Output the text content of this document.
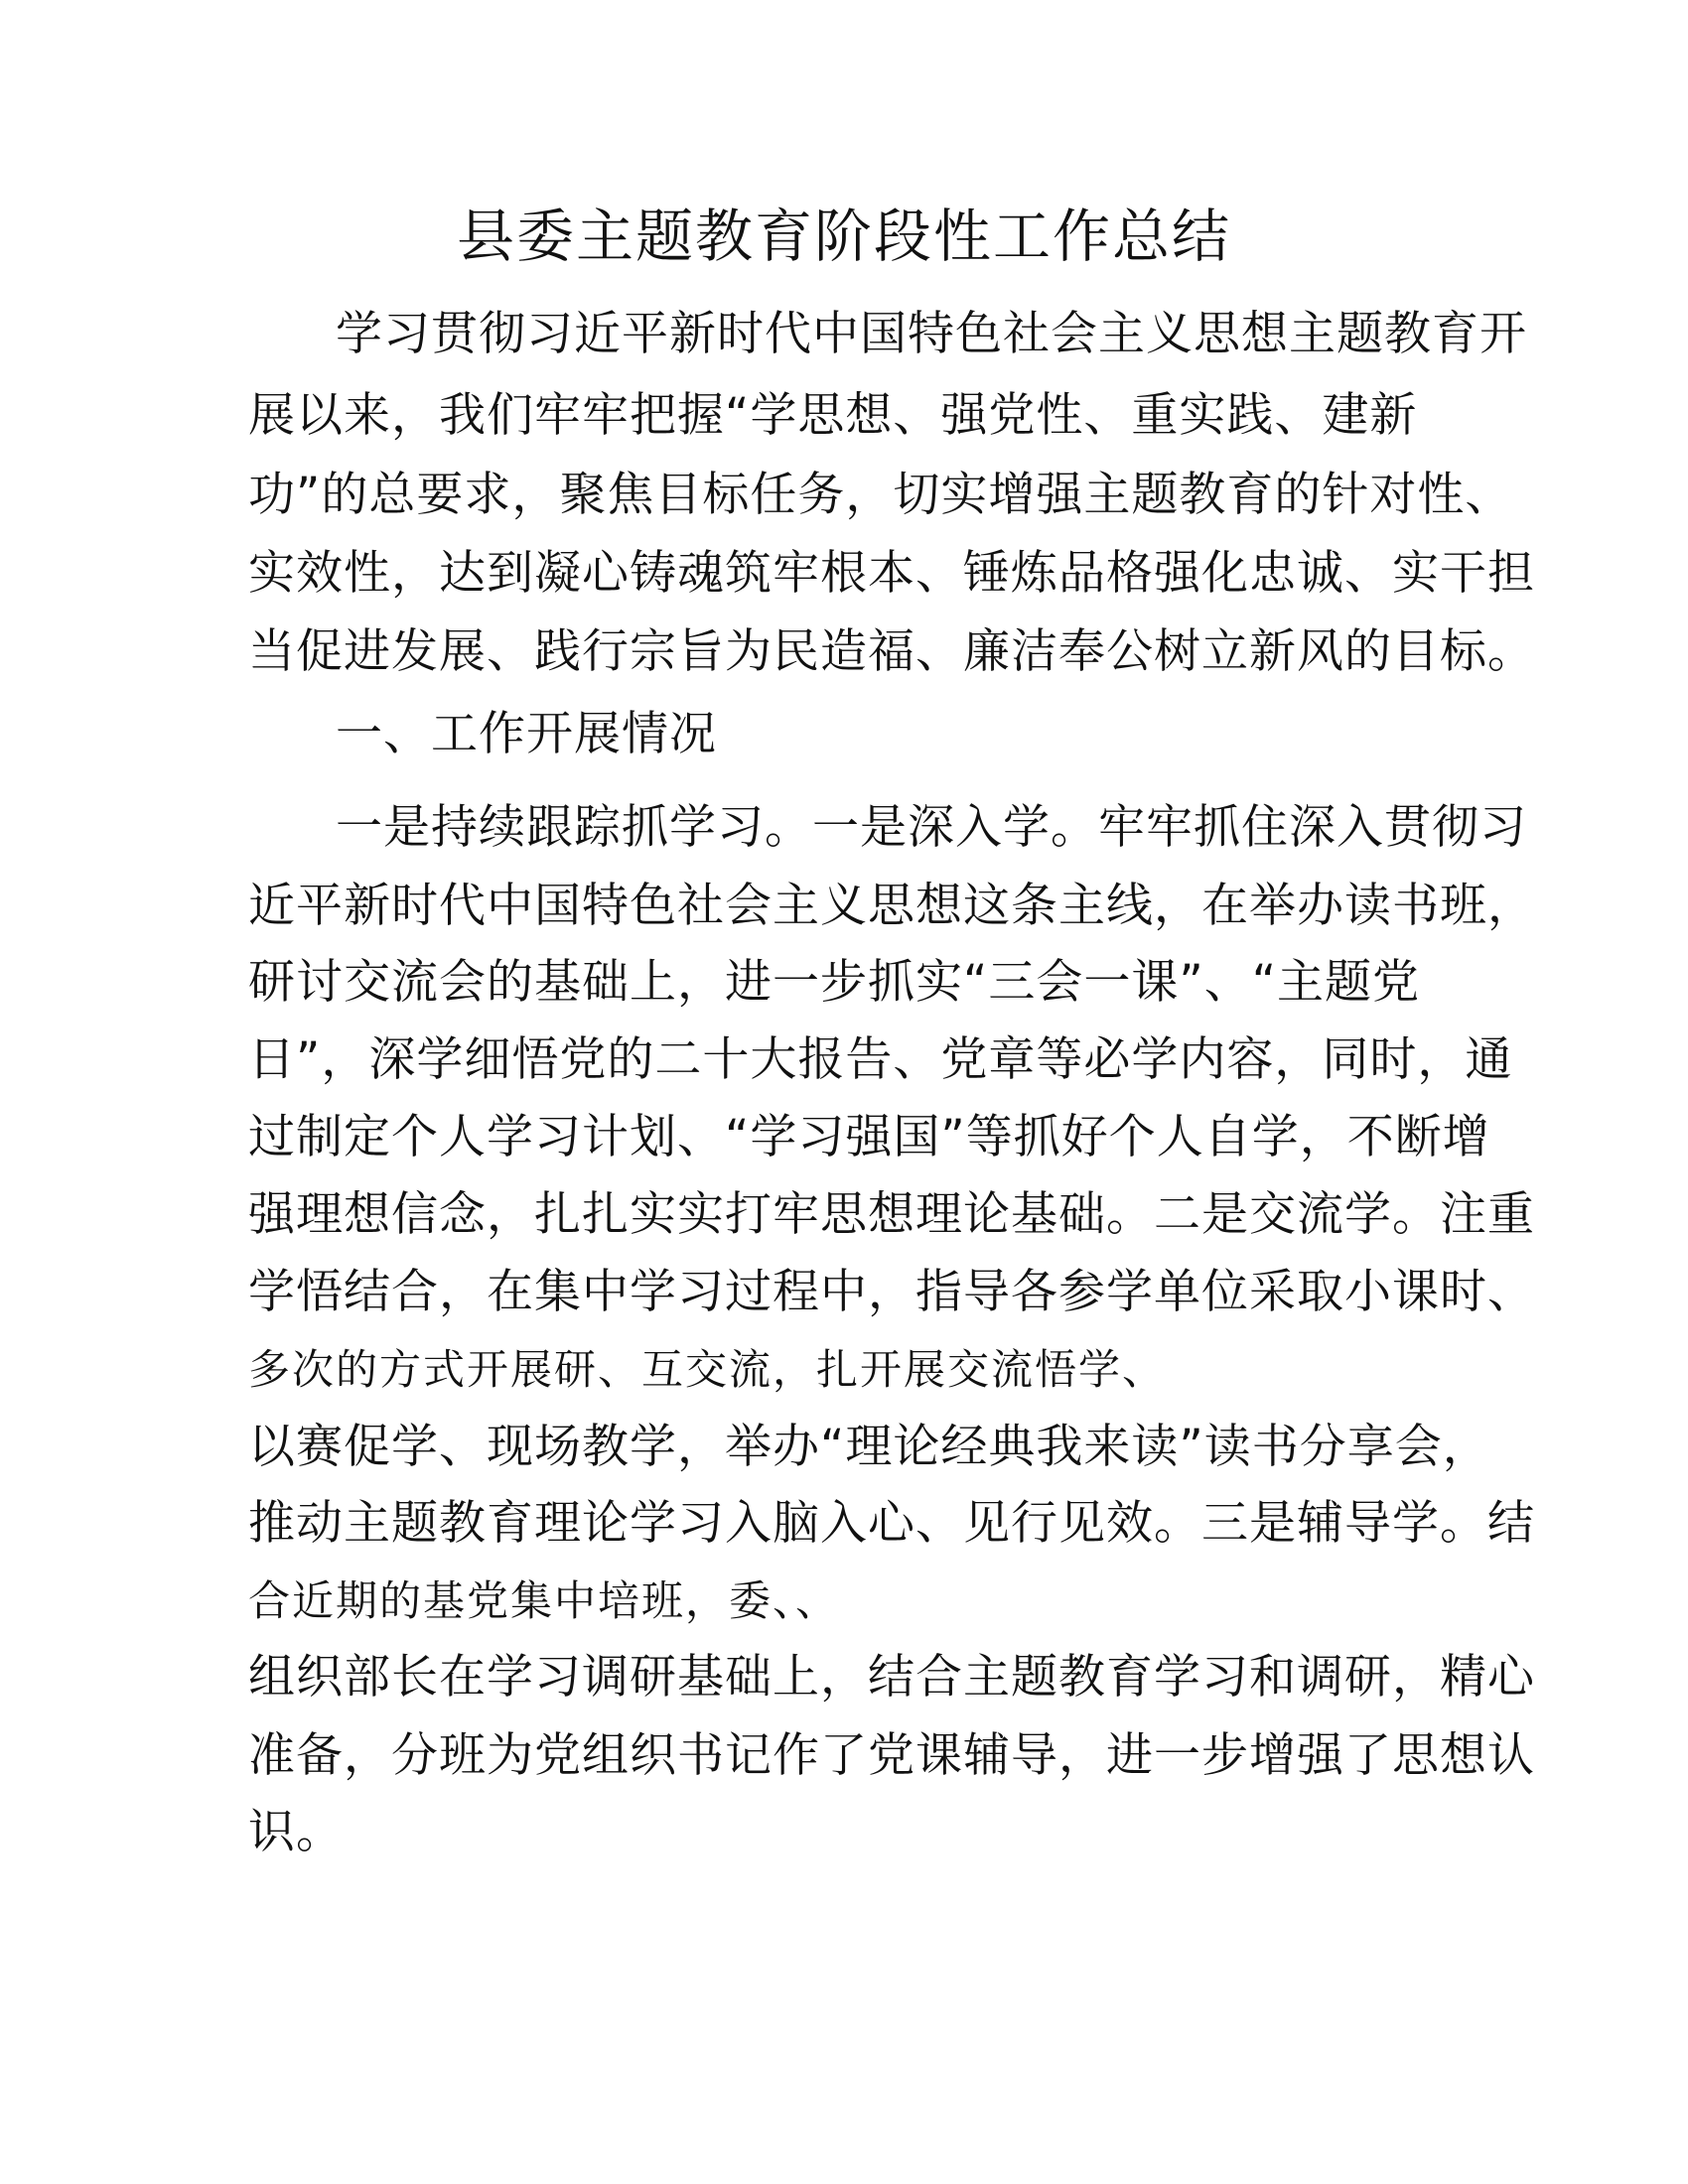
县委主题教育阶段性工作总结
学习贯彻习近平新时代中国特色社会主义思想主题教育开
展以来，我们牢牢把握“学思想、强党性、重实践、建新
功”的总要求，聚焦目标任务，切实增强主题教育的针对性、
实效性，达到凝心铸魂筑牢根本、锤炼品格强化忠诚、实干担
当促进发展、践行宗旨为民造福、廉洁奉公树立新风的目标。
一、工作开展情况
一是持续跟踪抓学习。一是深入学。牢牢抓住深入贯彻习
近平新时代中国特色社会主义思想这条主线，在举办读书班，
研讨交流会的基础上，进一步抓实“三会一课”、“主题党
日”，深学细悟党的二十大报告、党章等必学内容，同时，通
过制定个人学习计划、“学习强国”等抓好个人自学，不断增
强理想信念，扎扎实实打牢思想理论基础。二是交流学。注重
学悟结合，在集中学习过程中，指导各参学单位采取小课时、
多次的方式开展研、互交流，扎开展交流悟学、
以赛促学、现场教学，举办“理论经典我来读”读书分享会，
推动主题教育理论学习入脑入心、见行见效。三是辅导学。结
合近期的基党集中培班，委、、
组织部长在学习调研基础上，结合主题教育学习和调研，精心
准备，分班为党组织书记作了党课辅导，进一步增强了思想认
识。
